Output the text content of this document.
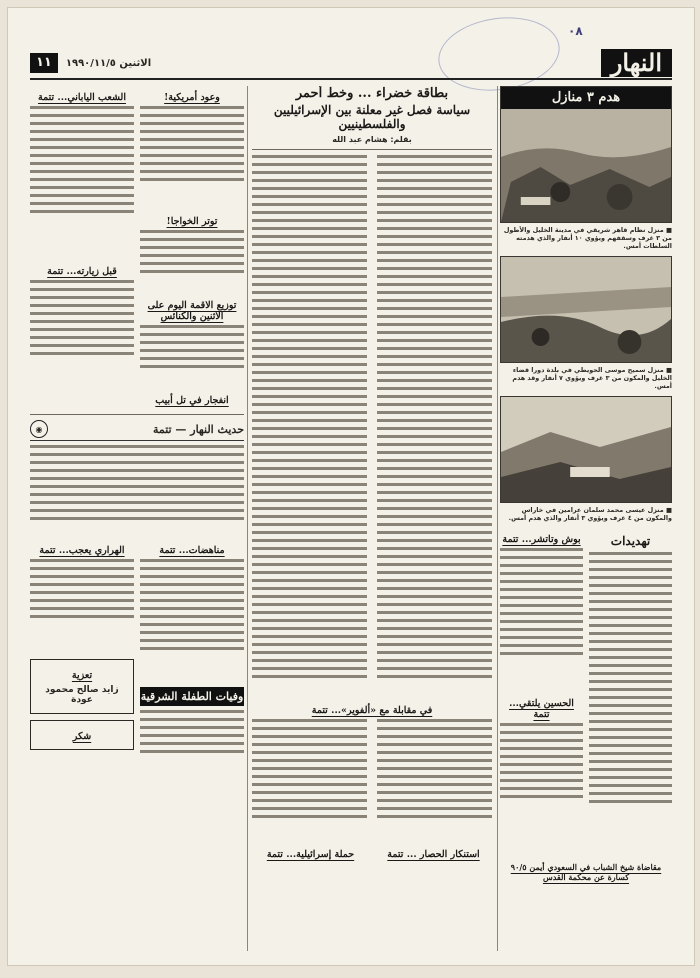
۰۸
النهار
الاثنين ١٩٩٠/١١/٥
١١
هدم ٣ منازل
■ منزل نظام قاهر شريقي في مدينة الخليل والأطول من ٣ غرف وسقفهم ويؤوي ١٠ أنفار والذي هدمته السلطات أمس.
■ منزل سميح موسى الحويطي في بلدة دورا قضاء الخليل والمكون من ٣ غرف ويؤوي ٧ أنفار وقد هدم أمس.
■ منزل عيسى محمد سلمان عرامين في خاراس والمكون من ٤ غرف ويؤوي ٣ أنفار والذي هدم أمس.
تهديدات
بوش وتاتشر... تتمة
الحسين يلتقي... تتمة
مقاضاة شيخ الشباب في السعودي أيمن ٩٠/٥ كسارة عن محكمة القدس
بطاقة خضراء ... وخط أحمر
سياسة فصل غير معلنة بين الإسرائيليين والفلسطينيين
بقلم: هشام عبد الله
في مقابلة مع «ألفوير»... تتمة
استنكار الحصار ... تتمة
حملة إسرائيلية... تتمة
وعود أمريكية!
توتر الخواجا!
توزيع الاقمة اليوم على الاثنين والكنائس
انفجار في تل أبيب
الشعب الياباني... تتمة
قبل زيارته... تتمة
حديث النهار — تتمة
◉
مناهضات... تتمة
وفيات الطفلة الشرقية
الهراري يعجب... تتمة
تعزية
زايد صالح محمود عودة
شكر
